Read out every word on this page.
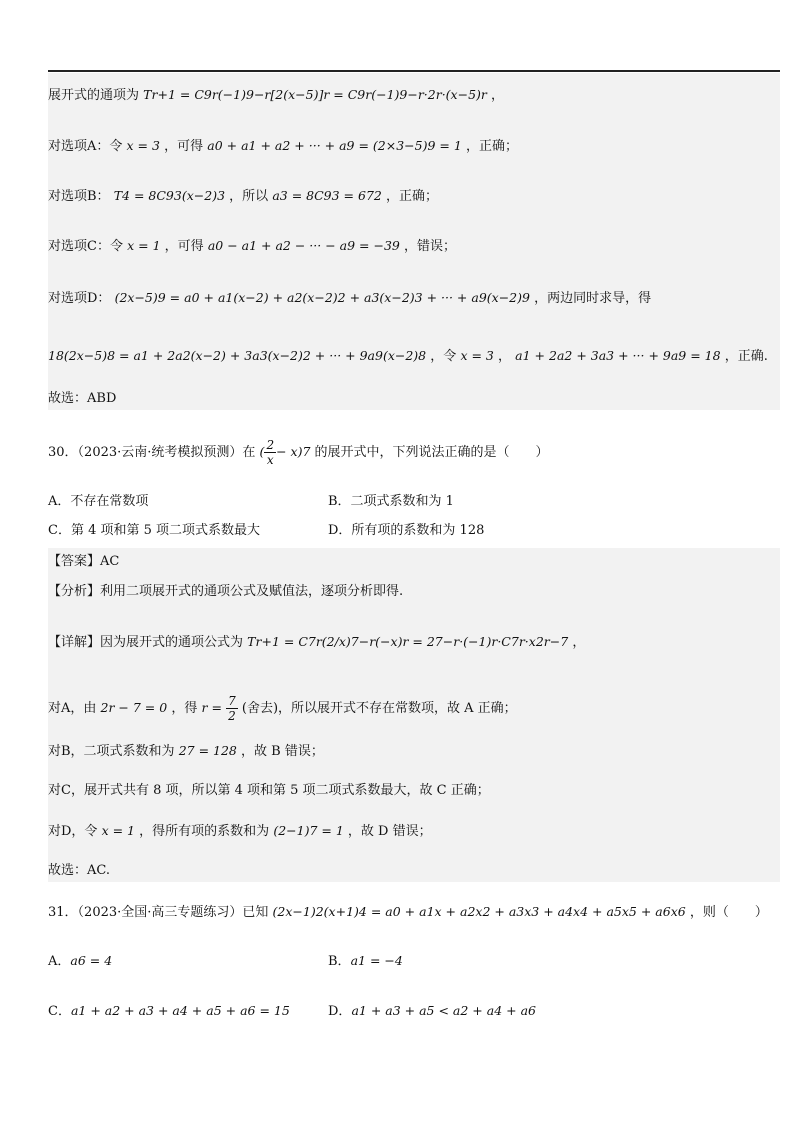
展开式的通项为 Tr+1 = C9r(−1)9−r[2(x−5)]r = C9r(−1)9−r·2r·(x−5)r ，
对选项A：令 x = 3 ，可得 a0 + a1 + a2 + ··· + a9 = (2×3−5)9 = 1 ，正确；
对选项B： T4 = 8C93(x−2)3 ，所以 a3 = 8C93 = 672 ，正确；
对选项C：令 x = 1 ，可得 a0 − a1 + a2 − ··· − a9 = −39 ，错误；
对选项D： (2x−5)9 = a0 + a1(x−2) + a2(x−2)2 + a3(x−2)3 + ··· + a9(x−2)9 ，两边同时求导，得
18(2x−5)8 = a1 + 2a2(x−2) + 3a3(x−2)2 + ··· + 9a9(x−2)8 ，令 x = 3 ， a1 + 2a2 + 3a3 + ··· + 9a9 = 18 ，正确.
故选：ABD
30．（2023·云南·统考模拟预测）在 ( $\frac{2}{x} - x)7$ 的展开式中，下列说法正确的是（　　）
A．不存在常数项	B．二项式系数和为 1
C．第 4 项和第 5 项二项式系数最大	D．所有项的系数和为 128
【答案】AC
【分析】利用二项展开式的通项公式及赋值法，逐项分析即得.
【详解】因为展开式的通项公式为 Tr+1 = C7r(2/x)7−r(−x)r = 27−r·(−1)r·C7r·x2r−7 ，
对A，由 2r − 7 = 0 ，得 $r = \frac{7}{2}$ (舍去)，所以展开式不存在常数项，故 A 正确；
对B，二项式系数和为 27 = 128 ，故 B 错误；
对C，展开式共有 8 项，所以第 4 项和第 5 项二项式系数最大，故 C 正确；
对D，令 x = 1 ，得所有项的系数和为 (2−1)7 = 1 ，故 D 错误；
故选：AC.
31．（2023·全国·高三专题练习）已知 (2x−1)2(x+1)4 = a0 + a1x + a2x2 + a3x3 + a4x4 + a5x5 + a6x6 ，则（　　）
A．a6 = 4	B．a1 = −4
C．a1 + a2 + a3 + a4 + a5 + a6 = 15	D．a1 + a3 + a5 < a2 + a4 + a6
